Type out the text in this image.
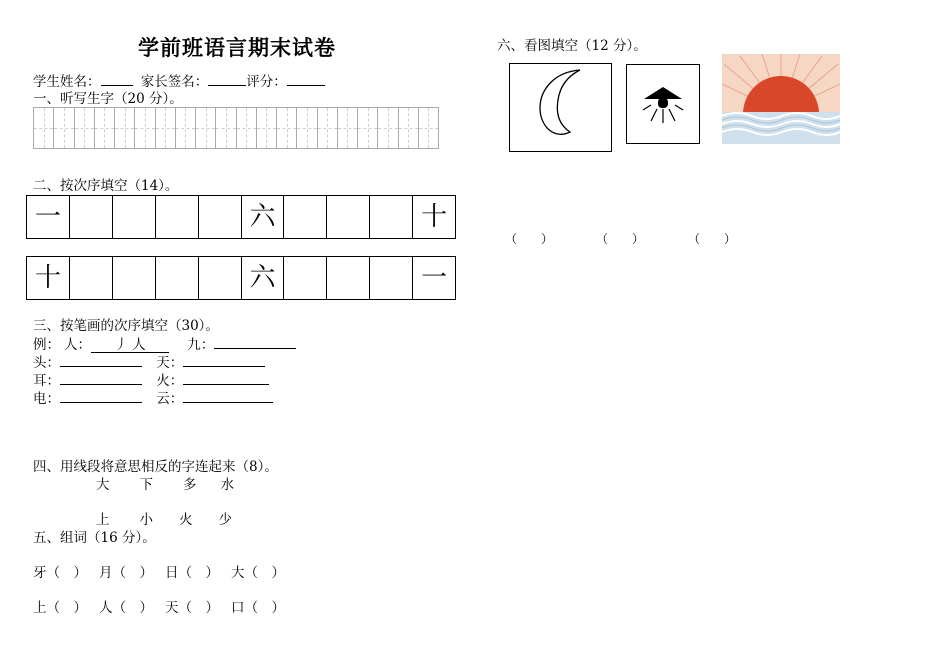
学前班语言期末试卷
学生姓名：	家长签名：	评分：
一、听写生字（20 分）。
二、按次序填空（14）。
一	六	十
十	六	一
三、按笔画的次序填空（30）。
例： 人： 丿 人	九：
头：	天：
耳：	火：
电：	云：
四、用线段将意思相反的字连起来（8）。
大 下 多 水
上 小 火 少
五、组词（16 分）。
牙（　） 月（　） 日（　） 大（　）
上（　） 人（　） 天（　） 口（　）
六、看图填空（12 分）。
（　　）	（　　）	（　　）
